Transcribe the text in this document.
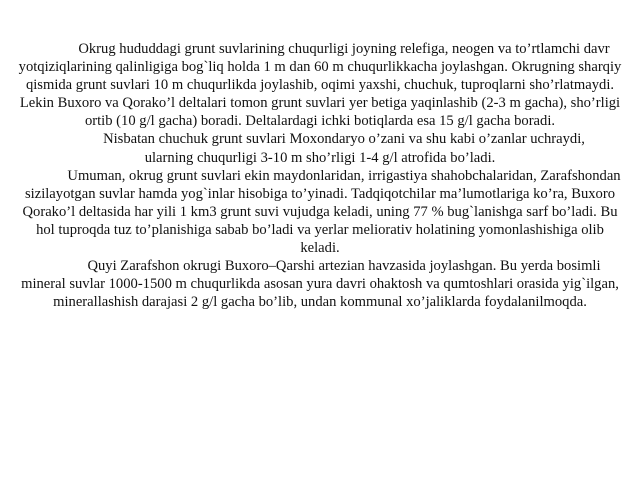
Okrug hududdagi grunt suvlarining chuqurligi joyning relefiga, neogen va to’rtlamchi davr yotqiziqlarining qalinligiga bog`liq holda 1 m dan 60 m chuqurlikkacha joylashgan. Okrugning sharqiy qismida grunt suvlari 10 m chuqurlikda joylashib, oqimi yaxshi, chuchuk, tuproqlarni sho’rlatmaydi. Lekin Buxoro va Qorako’l deltalari tomon grunt suvlari yer betiga yaqinlashib (2-3 m gacha), sho’rligi ortib (10 g/l gacha) boradi. Deltalardagi ichki botiqlarda esa 15 g/l gacha boradi.

Nisbatan chuchuk grunt suvlari Moxondaryo o’zani va shu kabi o’zanlar uchraydi, ularning chuqurligi 3-10 m sho’rligi 1-4 g/l atrofida bo’ladi.

Umuman, okrug grunt suvlari ekin maydonlaridan, irrigastiya shahobchalaridan, Zarafshondan sizilayotgan suvlar hamda yog`inlar hisobiga to’yinadi. Tadqiqotchilar ma’lumotlariga ko’ra, Buxoro Qorako’l deltasida har yili 1 km3 grunt suvi vujudga keladi, uning 77 % bug`lanishga sarf bo’ladi. Bu hol tuproqda tuz to’planishiga sabab bo’ladi va yerlar meliorativ holatining yomonlashishiga olib keladi.

Quyi Zarafshon okrugi Buxoro–Qarshi artezian havzasida joylashgan. Bu yerda bosimli mineral suvlar 1000-1500 m chuqurlikda asosan yura davri ohaktosh va qumtoshlari orasida yig`ilgan, minerallashish darajasi 2 g/l gacha bo’lib, undan kommunal xo’jaliklarda foydalanilmoqda.
